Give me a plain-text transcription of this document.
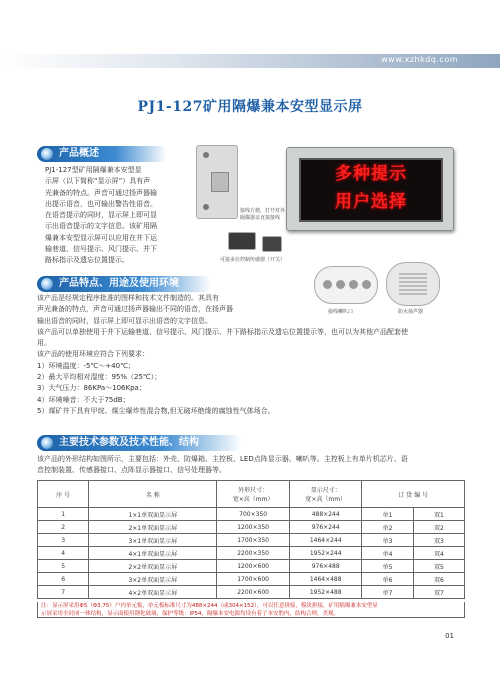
www.xzhkdq.com
PJ1-127矿用隔爆兼本安型显示屏
产品概述

PJ1-127型矿用隔爆兼本安型显

示屏（以下简称“显示屏”）具有声

光兼备的特点。声音可通过扬声器输

出提示语音，也可输出警告性语音。

在语音提示的同时，显示屏上即可显

示出语音提示的文字信息。该矿用隔

爆兼本安型显示屏可以应用在井下运

输巷道、信号提示、风门提示、井下

路标指示及遗忘位置提示。

接线方便，打开对外
隔爆器盖直接接线
多种提示
用户选择
可接多位控制传感器（开关）
接线喇叭口	防水扬声器
产品特点、用途及使用环境

该产品是经规定程序批准的图样和技术文件制造的。其具有

声光兼备的特点，声音可通过扬声器输出不同的语音，在扬声器

输出语音的同时，显示屏上即可显示出语音的文字信息。

该产品可以单独使用于井下运输巷道、信号提示、风门提示、井下路标指示及遗忘位置提示等，也可以为其他产品配套使

用。

该产品的使用环境应符合下列要求：

1）环境温度：-5℃～+40℃；

2）最大平均相对湿度：95%（25℃）；

3）大气压力：86KPa～106Kpa；

4）环境噪音：不大于75dB；

5）煤矿井下具有甲烷、煤尘爆炸性混合物,但无破坏绝缘的腐蚀性气体场合。

主要技术参数及技术性能、结构

该产品的外形结构如图所示，主要包括：外壳、防爆箱、主控板、LED点阵显示器、喇叭等。主控板上有单片机芯片、语

音控制装置、传感器接口、点阵显示器接口、信号处理器等。

序 号	名 称	外形尺寸：
宽×高（mm）	显示尺寸：
宽×高（mm）	订 货 编 号	
1	1×1单双面显示屏	700×350	488×244	单1	双1
2	2×1单双面显示屏	1200×350	976×244	单2	双2
3	3×1单双面显示屏	1700×350	1464×244	单3	双3
4	4×1单双面显示屏	2200×350	1952×244	单4	双4
5	2×2单双面显示屏	1200×600	976×488	单5	双5
6	3×2单双面显示屏	1700×600	1464×488	单6	双6
7	4×2单双面显示屏	2200×600	1952×488	单7	双7
注：显示屏采用Φ5（Φ3.75）户内单元板，单元板标准尺寸为488×244（或304×152），可以任意拼接，模块拼接，矿用隔爆兼本安型显
示屏采用全封闭一体结构，显示面使用钢化玻璃，保护等级：IP54，隔爆本安电源均设有着子本安腔内，结构合理，美观。
01
